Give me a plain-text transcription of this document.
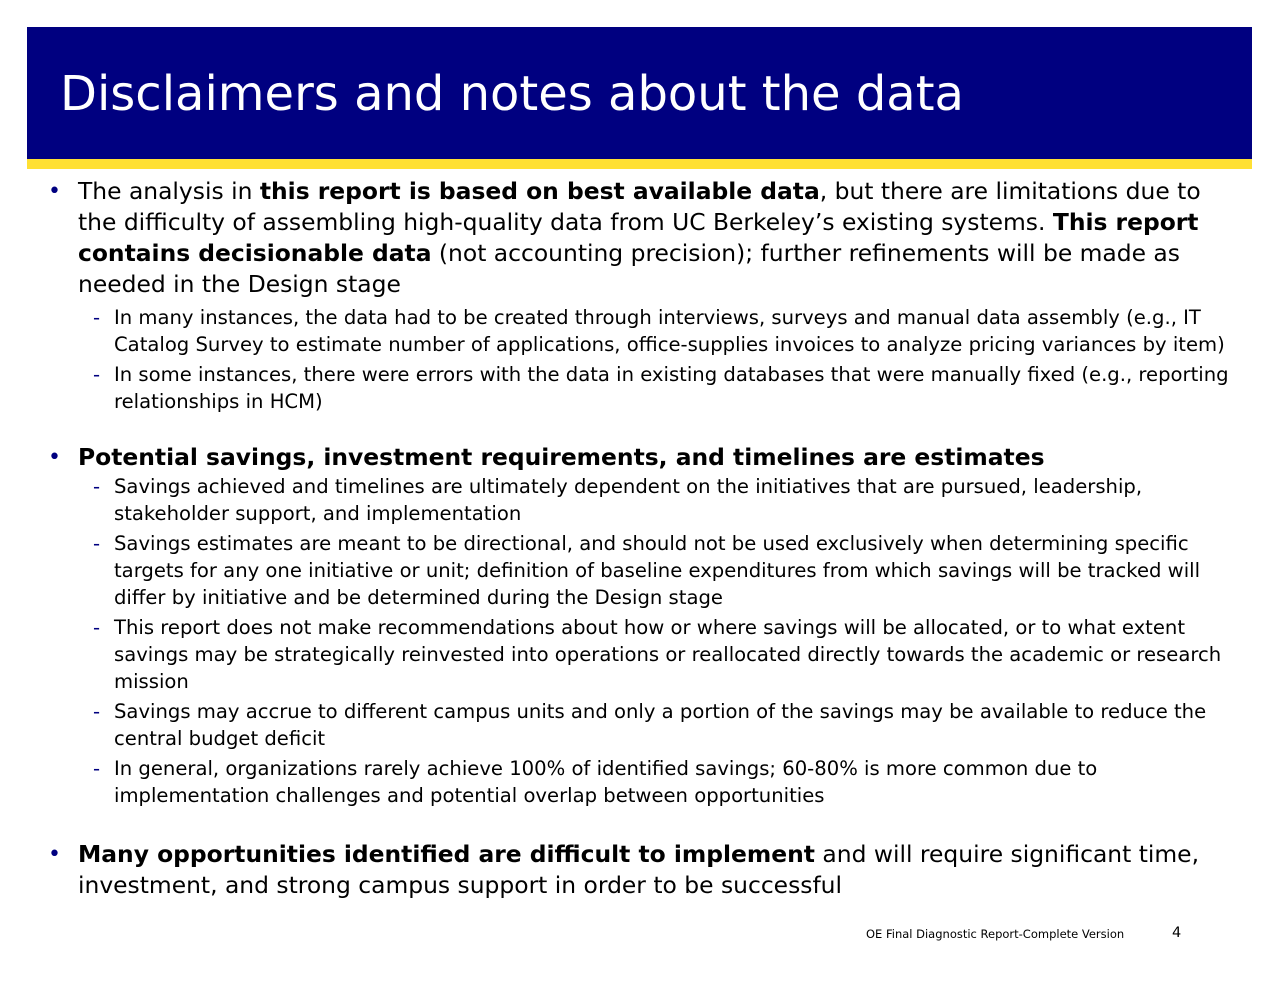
Disclaimers and notes about the data
• The analysis in this report is based on best available data, but there are limitations due to the difficulty of assembling high-quality data from UC Berkeley’s existing systems. This report contains decisionable data (not accounting precision); further refinements will be made as needed in the Design stage
- In many instances, the data had to be created through interviews, surveys and manual data assembly (e.g., IT Catalog Survey to estimate number of applications, office-supplies invoices to analyze pricing variances by item)
- In some instances, there were errors with the data in existing databases that were manually fixed (e.g., reporting relationships in HCM)
• Potential savings, investment requirements, and timelines are estimates
- Savings achieved and timelines are ultimately dependent on the initiatives that are pursued, leadership, stakeholder support, and implementation
- Savings estimates are meant to be directional, and should not be used exclusively when determining specific targets for any one initiative or unit; definition of baseline expenditures from which savings will be tracked will differ by initiative and be determined during the Design stage
- This report does not make recommendations about how or where savings will be allocated, or to what extent savings may be strategically reinvested into operations or reallocated directly towards the academic or research mission
- Savings may accrue to different campus units and only a portion of the savings may be available to reduce the central budget deficit
- In general, organizations rarely achieve 100% of identified savings; 60-80% is more common due to implementation challenges and potential overlap between opportunities
• Many opportunities identified are difficult to implement and will require significant time, investment, and strong campus support in order to be successful
OE Final Diagnostic Report-Complete Version	4
